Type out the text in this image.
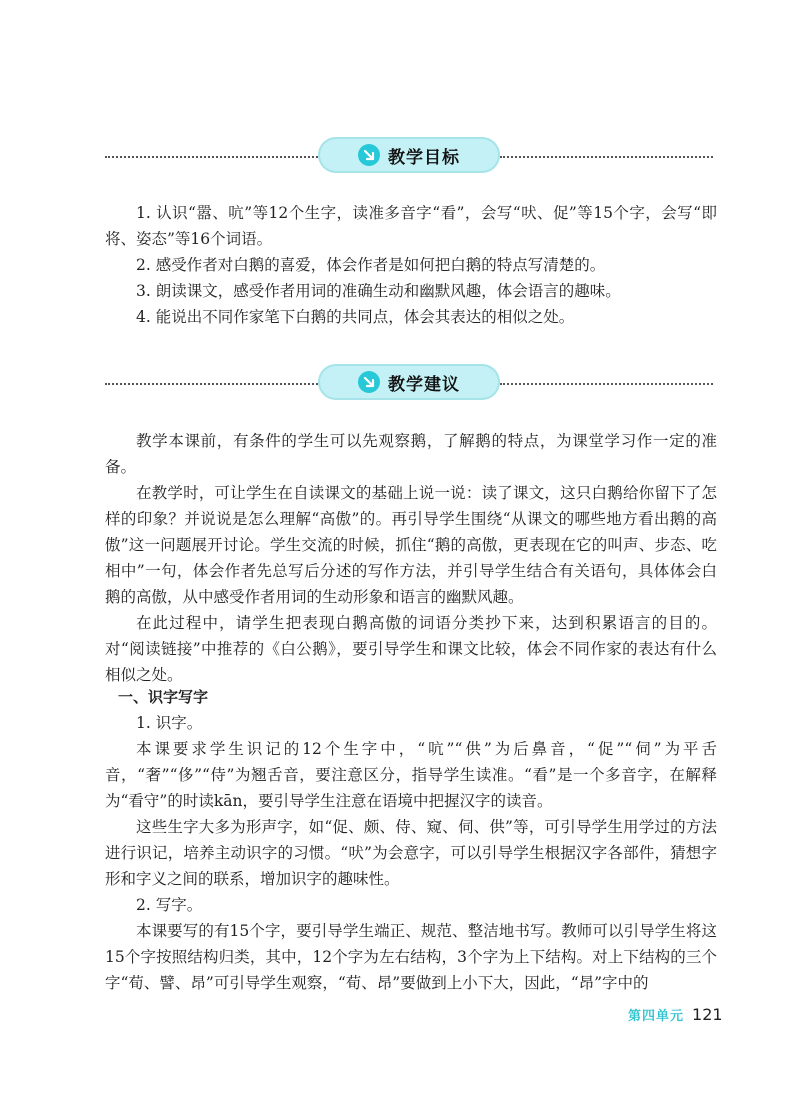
教学目标

1. 认识“嚣、吭”等12个生字，读准多音字“看”，会写“吠、促”等15个字，会写“即将、姿态”等16个词语。

2. 感受作者对白鹅的喜爱，体会作者是如何把白鹅的特点写清楚的。

3. 朗读课文，感受作者用词的准确生动和幽默风趣，体会语言的趣味。

4. 能说出不同作家笔下白鹅的共同点，体会其表达的相似之处。

教学建议

教学本课前，有条件的学生可以先观察鹅，了解鹅的特点，为课堂学习作一定的准备。

在教学时，可让学生在自读课文的基础上说一说：读了课文，这只白鹅给你留下了怎样的印象？并说说是怎么理解“高傲”的。再引导学生围绕“从课文的哪些地方看出鹅的高傲”这一问题展开讨论。学生交流的时候，抓住“鹅的高傲，更表现在它的叫声、步态、吃相中”一句，体会作者先总写后分述的写作方法，并引导学生结合有关语句，具体体会白鹅的高傲，从中感受作者用词的生动形象和语言的幽默风趣。

在此过程中，请学生把表现白鹅高傲的词语分类抄下来，达到积累语言的目的。对“阅读链接”中推荐的《白公鹅》，要引导学生和课文比较，体会不同作家的表达有什么相似之处。

一、识字写字

1. 识字。

本课要求学生识记的12个生字中，“吭”“供”为后鼻音，“促”“伺”为平舌音，“奢”“侈”“侍”为翘舌音，要注意区分，指导学生读准。“看”是一个多音字，在解释为“看守”的时读kān，要引导学生注意在语境中把握汉字的读音。

这些生字大多为形声字，如“促、颇、侍、窥、伺、供”等，可引导学生用学过的方法进行识记，培养主动识字的习惯。“吠”为会意字，可以引导学生根据汉字各部件，猜想字形和字义之间的联系，增加识字的趣味性。

2. 写字。

本课要写的有15个字，要引导学生端正、规范、整洁地书写。教师可以引导学生将这15个字按照结构归类，其中，12个字为左右结构，3个字为上下结构。对上下结构的三个字“荀、譬、昂”可引导学生观察，“荀、昂”要做到上小下大，因此，“昂”字中的

第四单元 121
